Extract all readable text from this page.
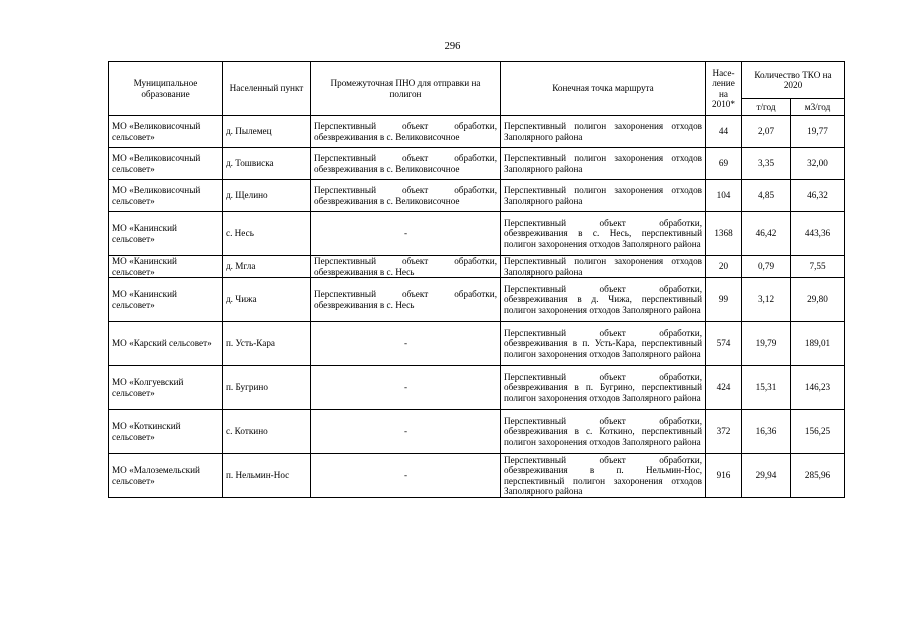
296
Муниципальное образование	Населенный пункт	Промежуточная ПНО для отправки на полигон	Конечная точка маршрута	Насе-ление на 2010*	Количество ТКО на 2020	
					т/год	м3/год
МО «Великовисочный сельсовет»	д. Пылемец	Перспективный объект обработки, обезвреживания в с. Великовисочное	Перспективный полигон захоронения отходов Заполярного района	44	2,07	19,77
МО «Великовисочный сельсовет»	д. Тошвиска	Перспективный объект обработки, обезвреживания в с. Великовисочное	Перспективный полигон захоронения отходов Заполярного района	69	3,35	32,00
МО «Великовисочный сельсовет»	д. Щелино	Перспективный объект обработки, обезвреживания в с. Великовисочное	Перспективный полигон захоронения отходов Заполярного района	104	4,85	46,32
МО «Канинский сельсовет»	с. Несь	-	Перспективный объект обработки, обезвреживания в с. Несь, перспективный полигон захоронения отходов Заполярного района	1368	46,42	443,36
МО «Канинский сельсовет»	д. Мгла	Перспективный объект обработки, обезвреживания в с. Несь	Перспективный полигон захоронения отходов Заполярного района	20	0,79	7,55
МО «Канинский сельсовет»	д. Чижа	Перспективный объект обработки, обезвреживания в с. Несь	Перспективный объект обработки, обезвреживания в д. Чижа, перспективный полигон захоронения отходов Заполярного района	99	3,12	29,80
МО «Карский сельсовет»	п. Усть-Кара	-	Перспективный объект обработки, обезвреживания в п. Усть-Кара, перспективный полигон захоронения отходов Заполярного района	574	19,79	189,01
МО «Колгуевский сельсовет»	п. Бугрино	-	Перспективный объект обработки, обезвреживания в п. Бугрино, перспективный полигон захоронения отходов Заполярного района	424	15,31	146,23
МО «Коткинский сельсовет»	с. Коткино	-	Перспективный объект обработки, обезвреживания в с. Коткино, перспективный полигон захоронения отходов Заполярного района	372	16,36	156,25
МО «Малоземельский сельсовет»	п. Нельмин-Нос	-	Перспективный объект обработки, обезвреживания в п. Нельмин-Нос, перспективный полигон захоронения отходов Заполярного района	916	29,94	285,96
